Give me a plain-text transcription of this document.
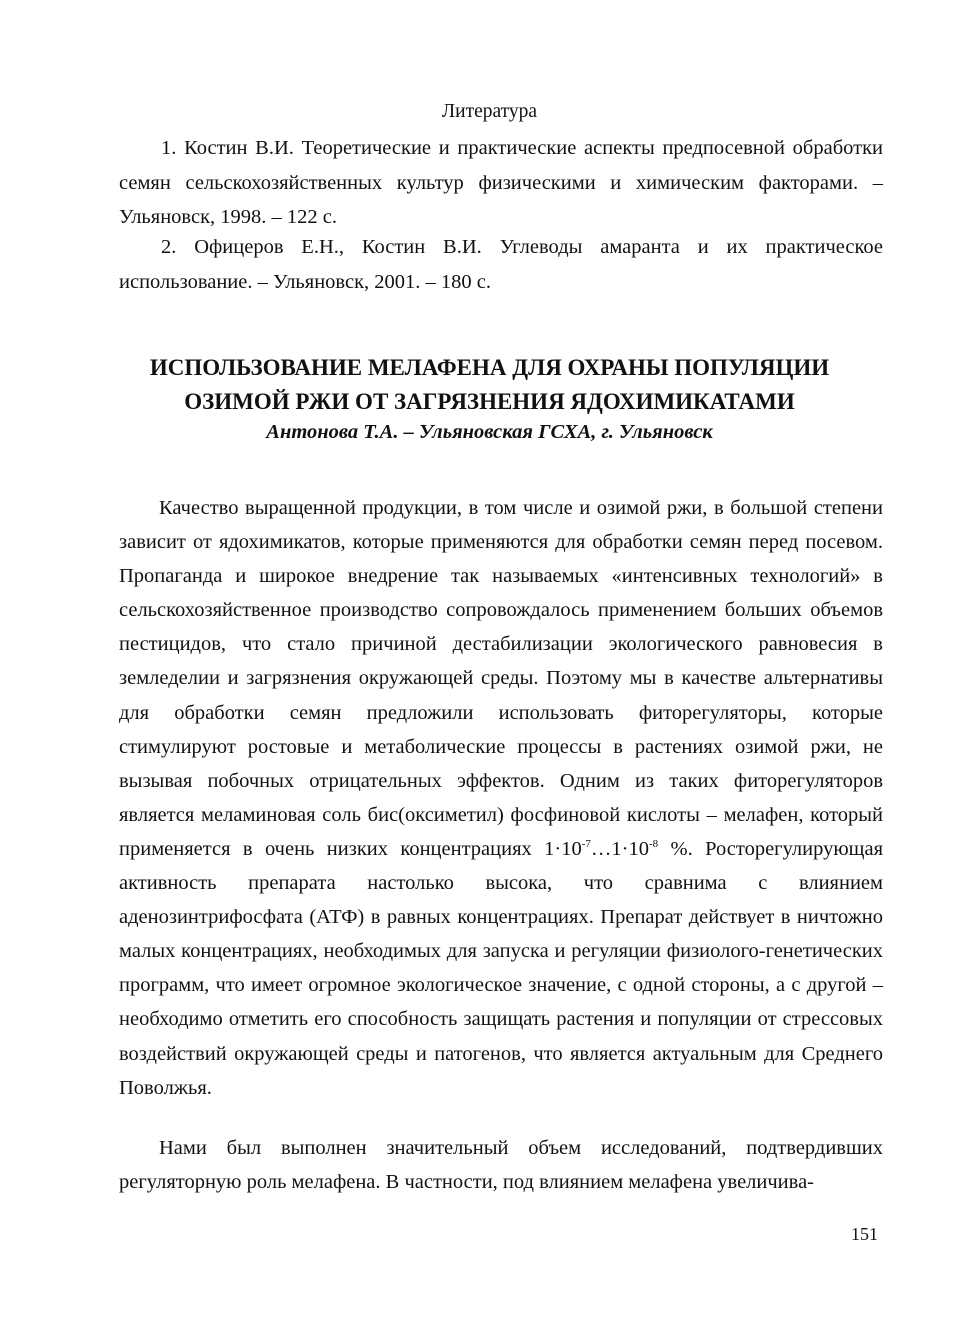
Литература

1. Костин В.И. Теоретические и практические аспекты предпосевной обработки семян сельскохозяйственных культур физическими и химическим факторами. – Ульяновск, 1998. – 122 с.

2. Офицеров Е.Н., Костин В.И. Углеводы амаранта и их практическое использование. – Ульяновск, 2001. – 180 с.

ИСПОЛЬЗОВАНИЕ МЕЛАФЕНА ДЛЯ ОХРАНЫ ПОПУЛЯЦИИ
ОЗИМОЙ РЖИ ОТ ЗАГРЯЗНЕНИЯ ЯДОХИМИКАТАМИ
Антонова Т.А. – Ульяновская ГСХА, г. Ульяновск

Качество выращенной продукции, в том числе и озимой ржи, в большой степени зависит от ядохимикатов, которые применяются для обработки семян перед посевом. Пропаганда и широкое внедрение так называемых «интенсивных технологий» в сельскохозяйственное производство сопровождалось применением больших объемов пестицидов, что стало причиной дестабилизации экологического равновесия в земледелии и загрязнения окружающей среды. Поэтому мы в качестве альтернативы для обработки семян предложили использовать фиторегуляторы, которые стимулируют ростовые и метаболические процессы в растениях озимой ржи, не вызывая побочных отрицательных эффектов. Одним из таких фиторегуляторов является меламиновая соль бис(оксиметил) фосфиновой кислоты – мелафен, который применяется в очень низких концентрациях $1\cdot 10^{-7}\dots 1\cdot 10^{-8}$ %. Росторегулирующая активность препарата настолько высока, что сравнима с влиянием аденозинтрифосфата (АТФ) в равных концентрациях. Препарат действует в ничтожно малых концентрациях, необходимых для запуска и регуляции физиолого-генетических программ, что имеет огромное экологическое значение, с одной стороны, а с другой – необходимо отметить его способность защищать растения и популяции от стрессовых воздействий окружающей среды и патогенов, что является актуальным для Среднего Поволжья.

Нами был выполнен значительный объем исследований, подтвердивших регуляторную роль мелафена. В частности, под влиянием мелафена увеличива-

151
